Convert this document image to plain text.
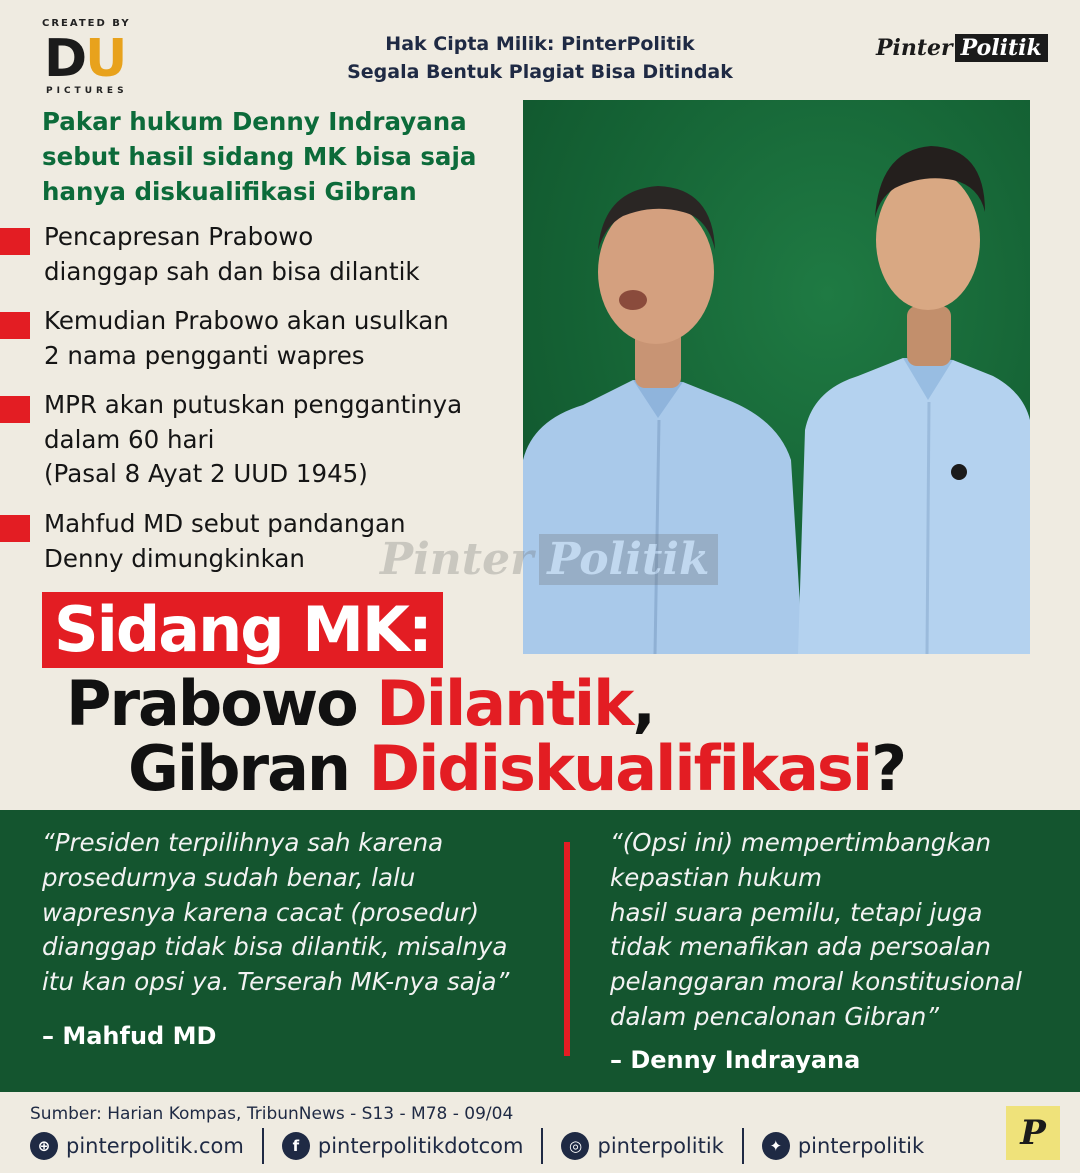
CREATED BY
DU
PICTURES
Hak Cipta Milik: PinterPolitik
Segala Bentuk Plagiat Bisa Ditindak
Pinter Politik
Pakar hukum Denny Indrayana sebut hasil sidang MK bisa saja hanya diskualifikasi Gibran
Pencapresan Prabowo
dianggap sah dan bisa dilantik
Kemudian Prabowo akan usulkan
2 nama pengganti wapres
MPR akan putuskan penggantinya
dalam 60 hari
(Pasal 8 Ayat 2 UUD 1945)
Mahfud MD sebut pandangan
Denny dimungkinkan	Pinter Politik
Sidang MK:
Prabowo Dilantik,
Gibran Didiskualifikasi?
“Presiden terpilihnya sah karena
prosedurnya sudah benar, lalu
wapresnya karena cacat (prosedur)
dianggap tidak bisa dilantik, misalnya
itu kan opsi ya. Terserah MK-nya saja”
– Mahfud MD
“(Opsi ini) mempertimbangkan
kepastian hukum
hasil suara pemilu, tetapi juga
tidak menafikan ada persoalan
pelanggaran moral konstitusional
dalam pencalonan Gibran”
– Denny Indrayana
Sumber: Harian Kompas, TribunNews - S13 - M78 - 09/04
⊕ pinterpolitik.com	f pinterpolitikdotcom	◎ pinterpolitik	✦ pinterpolitik	P
